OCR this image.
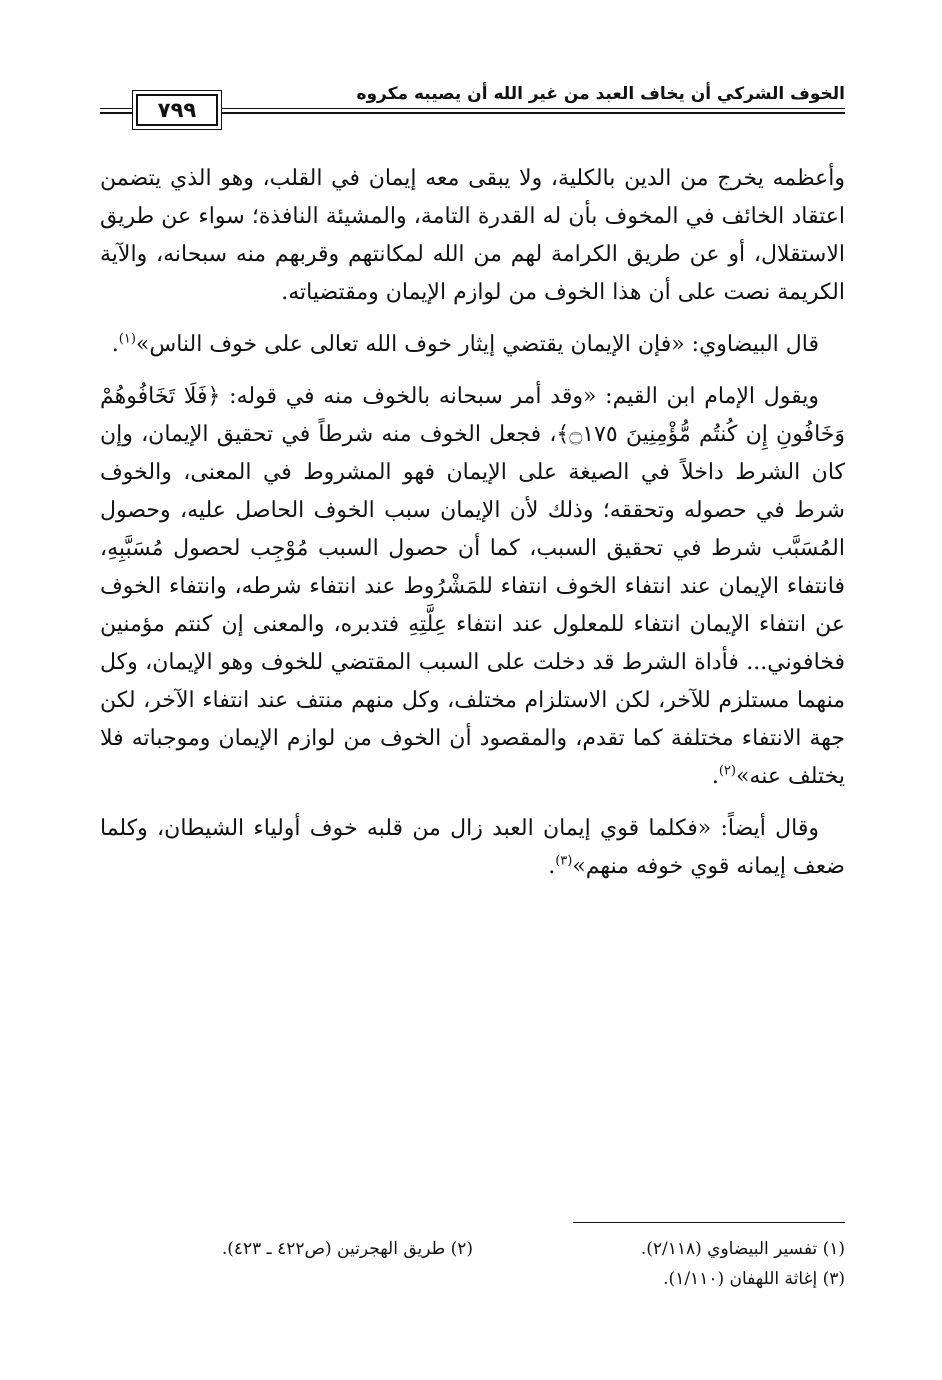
الخوف الشركي أن يخاف العبد من غير الله أن يصيبه مكروه
٧٩٩

وأعظمه يخرج من الدين بالكلية، ولا يبقى معه إيمان في القلب، وهو الذي يتضمن اعتقاد الخائف في المخوف بأن له القدرة التامة، والمشيئة النافذة؛ سواء عن طريق الاستقلال، أو عن طريق الكرامة لهم من الله لمكانتهم وقربهم منه سبحانه، والآية الكريمة نصت على أن هذا الخوف من لوازم الإيمان ومقتضياته.

قال البيضاوي: «فإن الإيمان يقتضي إيثار خوف الله تعالى على خوف الناس»$^{(١)}$.

ويقول الإمام ابن القيم: «وقد أمر سبحانه بالخوف منه في قوله: ﴿فَلَا تَخَافُوهُمْ وَخَافُونِ إِن كُنتُم مُّؤْمِنِينَ ۝١٧٥﴾، فجعل الخوف منه شرطاً في تحقيق الإيمان، وإن كان الشرط داخلاً في الصيغة على الإيمان فهو المشروط في المعنى، والخوف شرط في حصوله وتحققه؛ وذلك لأن الإيمان سبب الخوف الحاصل عليه، وحصول المُسَبَّب شرط في تحقيق السبب، كما أن حصول السبب مُوْجِب لحصول مُسَبَّبِهِ، فانتفاء الإيمان عند انتفاء الخوف انتفاء للمَشْرُوط عند انتفاء شرطه، وانتفاء الخوف عن انتفاء الإيمان انتفاء للمعلول عند انتفاء عِلَّتِهِ فتدبره، والمعنى إن كنتم مؤمنين فخافوني... فأداة الشرط قد دخلت على السبب المقتضي للخوف وهو الإيمان، وكل منهما مستلزم للآخر، لكن الاستلزام مختلف، وكل منهم منتف عند انتفاء الآخر، لكن جهة الانتفاء مختلفة كما تقدم، والمقصود أن الخوف من لوازم الإيمان وموجباته فلا يختلف عنه»$^{(٢)}$.

وقال أيضاً: «فكلما قوي إيمان العبد زال من قلبه خوف أولياء الشيطان، وكلما ضعف إيمانه قوي خوفه منهم»$^{(٣)}$.

(١) تفسير البيضاوي (٢/١١٨).
(٢) طريق الهجرتين (ص٤٢٢ ـ ٤٢٣).
(٣) إغاثة اللهفان (١/١١٠).
